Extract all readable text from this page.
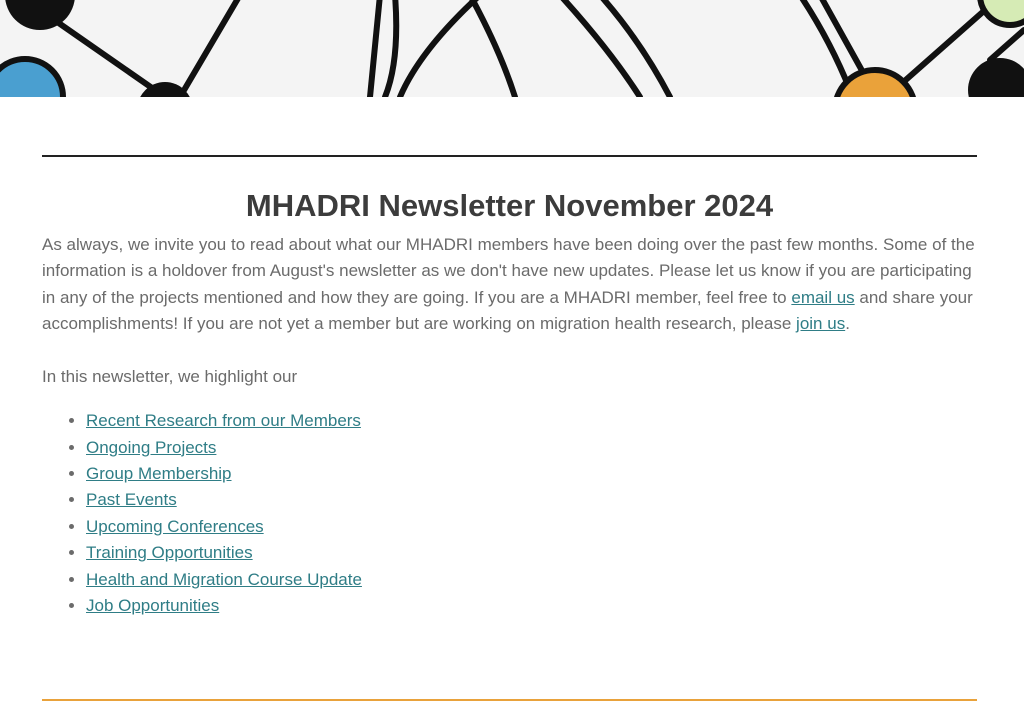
MHADRI Newsletter November 2024

As always, we invite you to read about what our MHADRI members have been doing over the past few months. Some of the information is a holdover from August's newsletter as we don't have new updates. Please let us know if you are participating in any of the projects mentioned and how they are going. If you are a MHADRI member, feel free to email us and share your accomplishments! If you are not yet a member but are working on migration health research, please join us.

In this newsletter, we highlight our

• Recent Research from our Members
• Ongoing Projects
• Group Membership
• Past Events
• Upcoming Conferences
• Training Opportunities
• Health and Migration Course Update
• Job Opportunities
